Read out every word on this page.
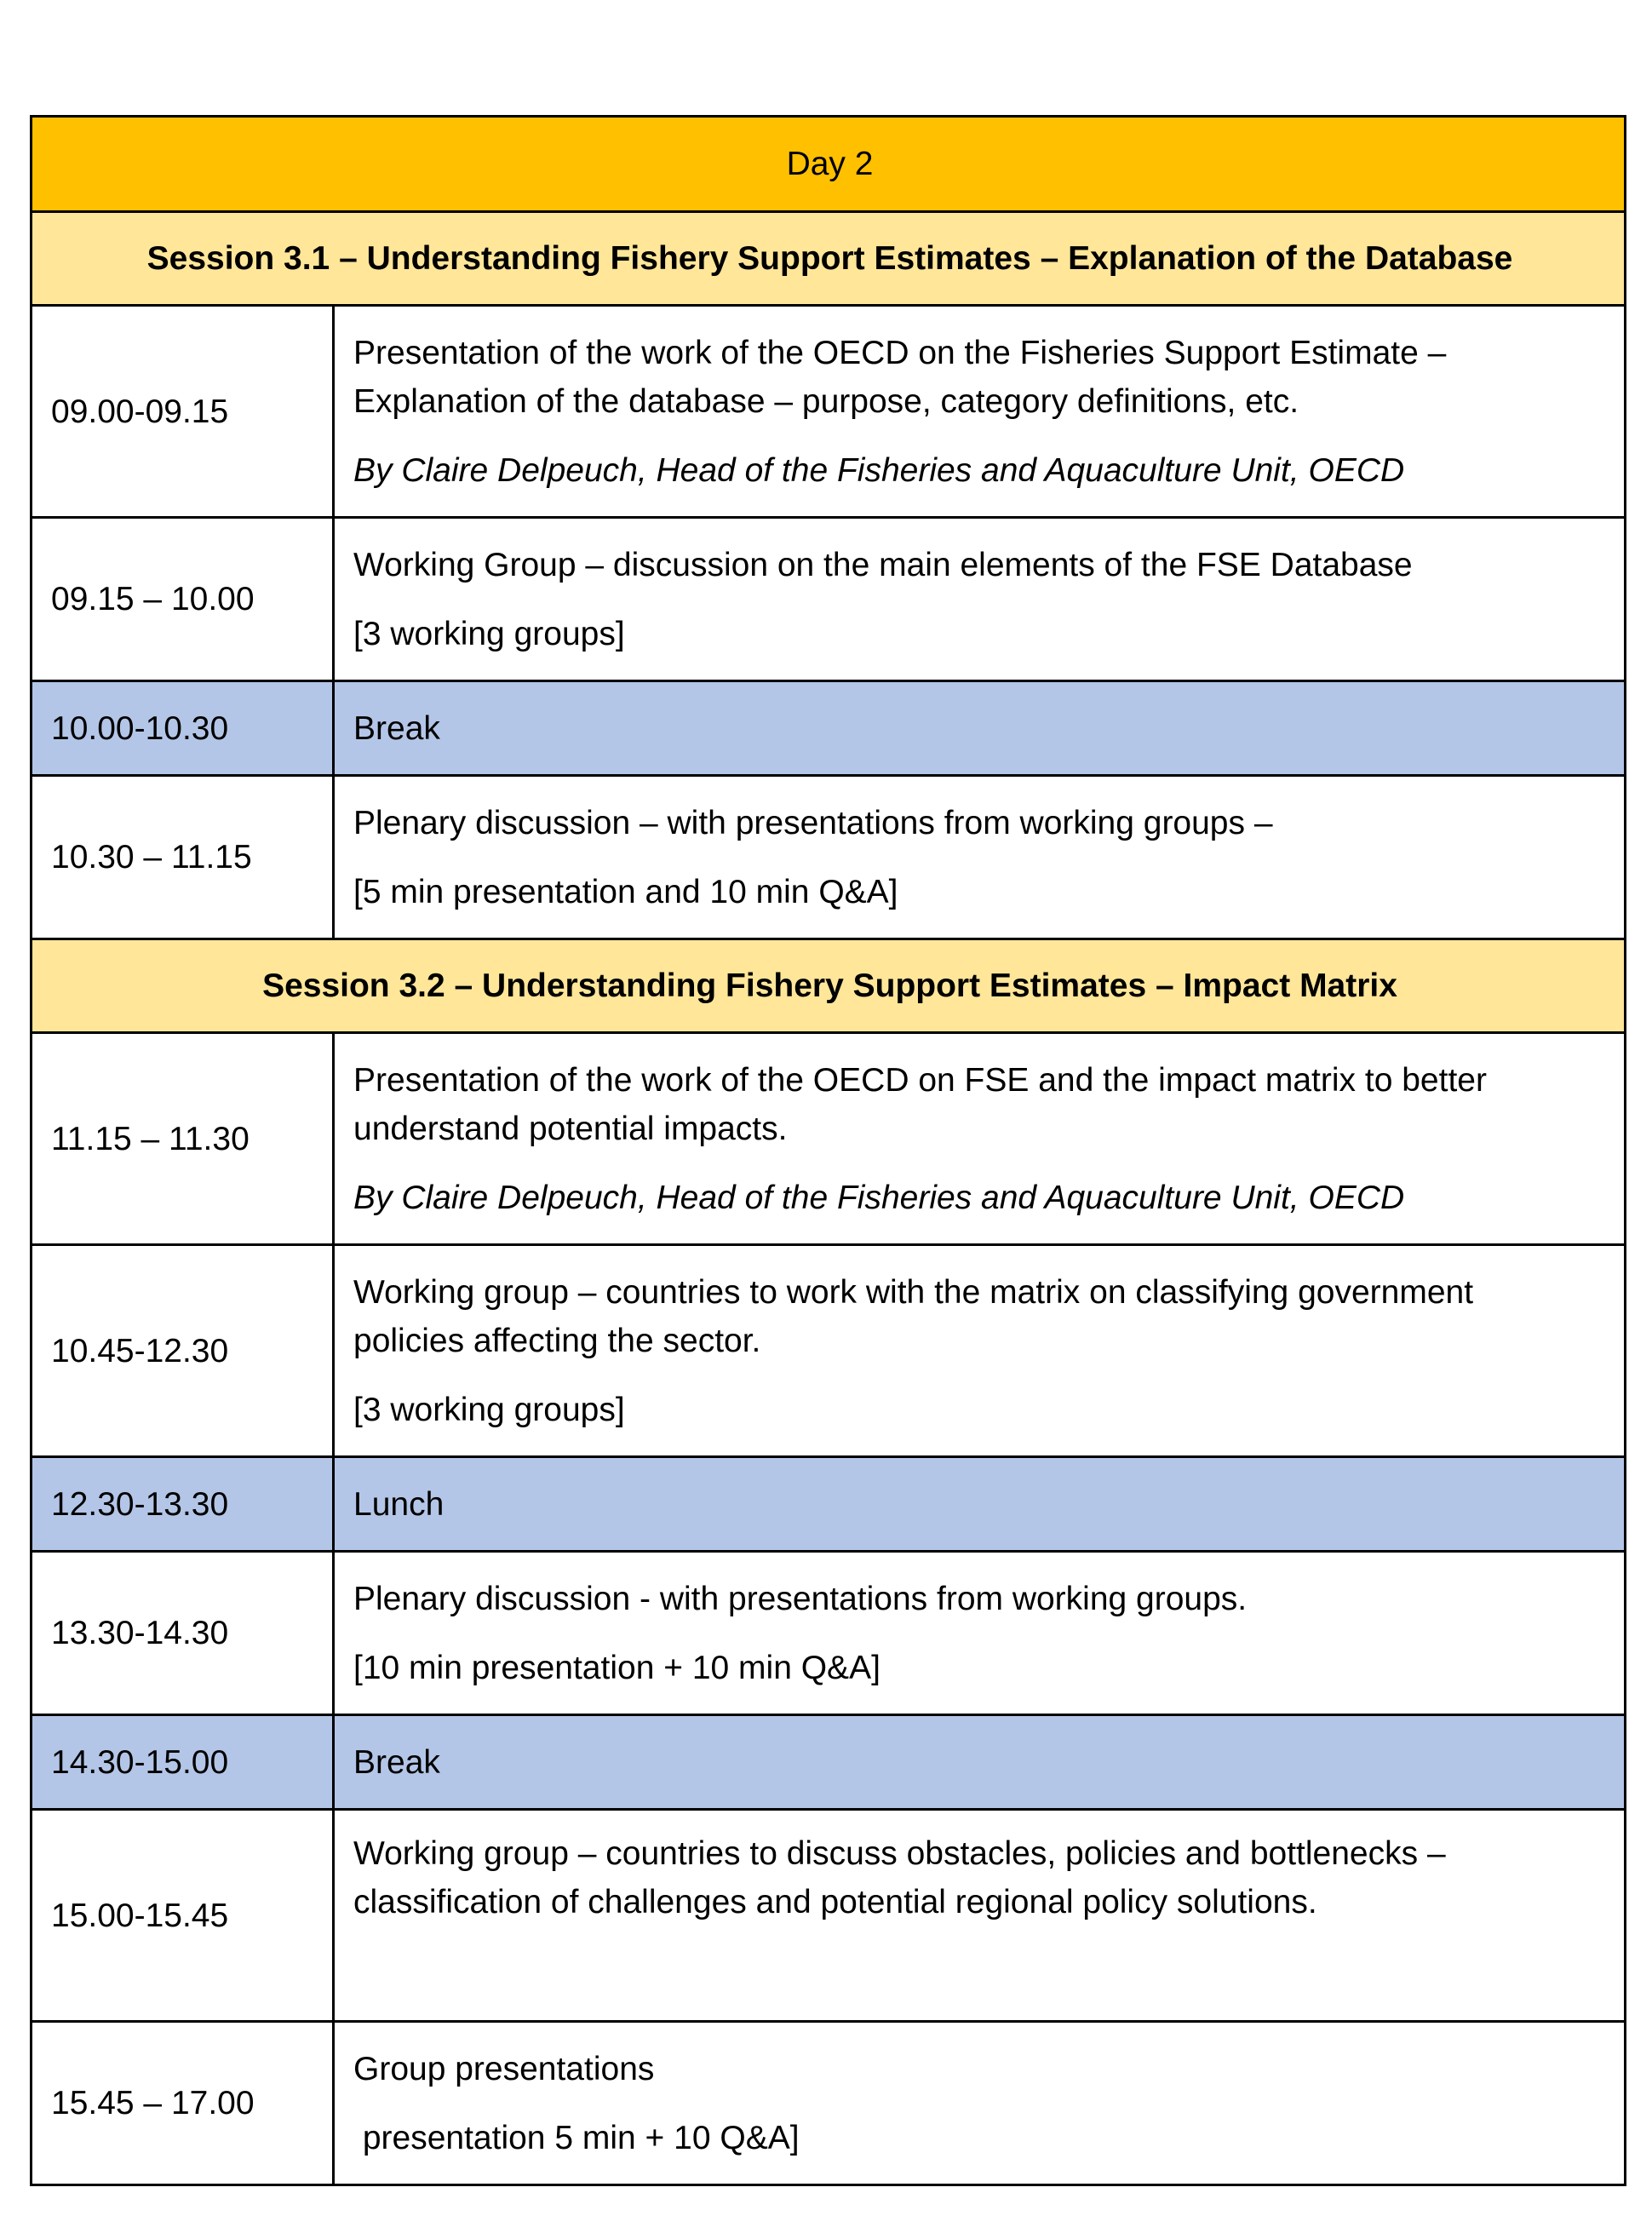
Day 2	
Session 3.1 – Understanding Fishery Support Estimates – Explanation of the Database	
09.00-09.15	Presentation of the work of the OECD on the Fisheries Support Estimate –

Explanation of the database – purpose, category definitions, etc.

By Claire Delpeuch, Head of the Fisheries and Aquaculture Unit, OECD

09.15 – 10.00	Working Group – discussion on the main elements of the FSE Database

[3 working groups]

10.00-10.30	Break
10.30 – 11.15	Plenary discussion – with presentations from working groups –

[5 min presentation and 10 min Q&A]

Session 3.2 – Understanding Fishery Support Estimates – Impact Matrix	
11.15 – 11.30	Presentation of the work of the OECD on FSE and the impact matrix to better

understand potential impacts.

By Claire Delpeuch, Head of the Fisheries and Aquaculture Unit, OECD

10.45-12.30	Working group – countries to work with the matrix on classifying government

policies affecting the sector.

[3 working groups]

12.30-13.30	Lunch
13.30-14.30	Plenary discussion - with presentations from working groups.

[10 min presentation + 10 min Q&A]

14.30-15.00	Break
15.00-15.45	Working group – countries to discuss obstacles, policies and bottlenecks –

classification of challenges and potential regional policy solutions.

15.45 – 17.00	Group presentations

presentation 5 min + 10 Q&A]
